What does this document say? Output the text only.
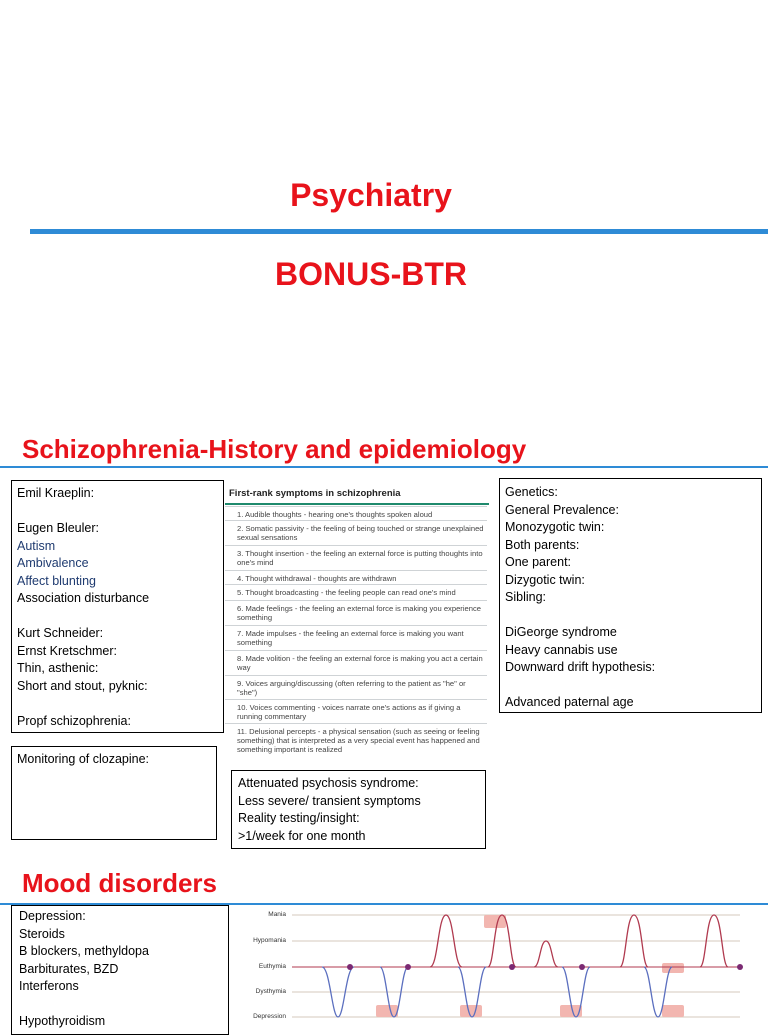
Psychiatry
BONUS-BTR
Schizophrenia-History and epidemiology
Emil Kraeplin:
Eugen Bleuler:
Autism
Ambivalence
Affect blunting
Association disturbance
Kurt Schneider:
Ernst Kretschmer:
Thin, asthenic:
Short and stout, pyknic:
Propf schizophrenia:
Monitoring of clozapine:
First-rank symptoms in schizophrenia
1. Audible thoughts - hearing one's thoughts spoken aloud
2. Somatic passivity - the feeling of being touched or strange unexplained sexual sensations
3. Thought insertion - the feeling an external force is putting thoughts into one's mind
4. Thought withdrawal - thoughts are withdrawn
5. Thought broadcasting - the feeling people can read one's mind
6. Made feelings - the feeling an external force is making you experience something
7. Made impulses - the feeling an external force is making you want something
8. Made volition - the feeling an external force is making you act a certain way
9. Voices arguing/discussing (often referring to the patient as "he" or "she")
10. Voices commenting - voices narrate one's actions as if giving a running commentary
11. Delusional percepts - a physical sensation (such as seeing or feeling something) that is interpreted as a very special event has happened and something important is realized
Attenuated psychosis syndrome:
Less severe/ transient symptoms
Reality testing/insight:
>1/week for one month
Genetics:
General Prevalence:
Monozygotic twin:
Both parents:
One parent:
Dizygotic twin:
Sibling:
DiGeorge syndrome
Heavy cannabis use
Downward drift hypothesis:
Advanced paternal age
Mood disorders
Depression:
Steroids
B blockers, methyldopa
Barbiturates, BZD
Interferons
Hypothyroidism
Mania
Hypomania
Euthymia
Dysthymia
Depression
